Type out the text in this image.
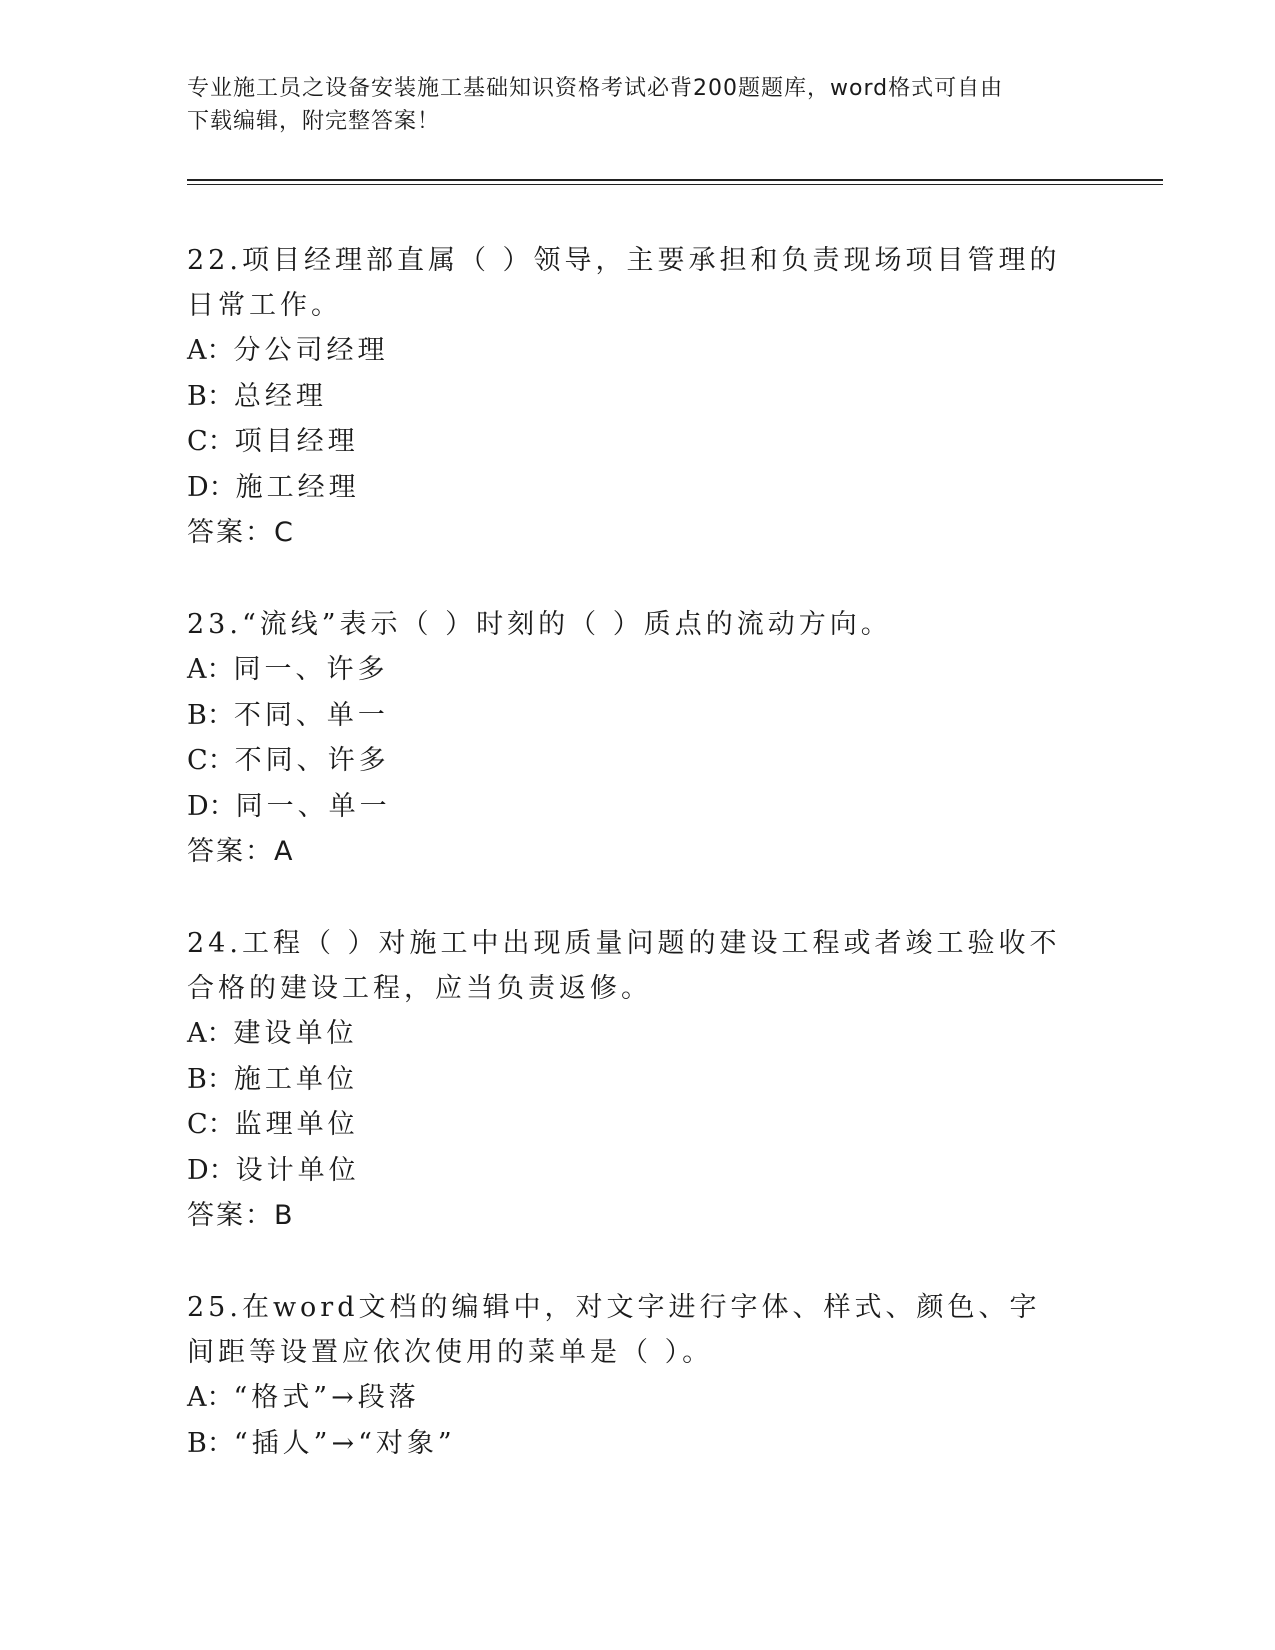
专业施工员之设备安装施工基础知识资格考试必背200题题库，word格式可自由
下载编辑，附完整答案！
22.项目经理部直属（ ）领导，主要承担和负责现场项目管理的日常工作。
A：分公司经理
B：总经理
C：项目经理
D：施工经理
答案：C
23.“流线”表示（ ）时刻的（ ）质点的流动方向。
A：同一、许多
B：不同、单一
C：不同、许多
D：同一、单一
答案：A
24.工程（ ）对施工中出现质量问题的建设工程或者竣工验收不合格的建设工程，应当负责返修。
A：建设单位
B：施工单位
C：监理单位
D：设计单位
答案：B
25.在word文档的编辑中，对文字进行字体、样式、颜色、字间距等设置应依次使用的菜单是（ ）。
A：“格式”→段落
B：“插人”→“对象”
